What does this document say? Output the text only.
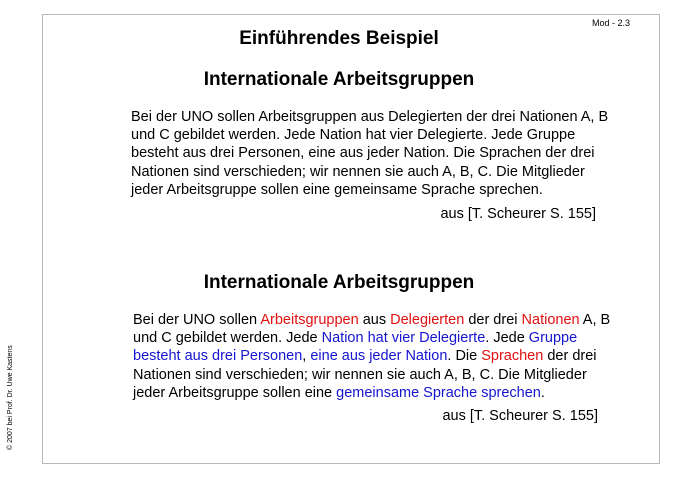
Mod - 2.3
© 2007 bei Prof. Dr. Uwe Kastens
Einführendes Beispiel
Internationale Arbeitsgruppen
Bei der UNO sollen Arbeitsgruppen aus Delegierten der drei Nationen A, B und C gebildet werden. Jede Nation hat vier Delegierte. Jede Gruppe besteht aus drei Personen, eine aus jeder Nation. Die Sprachen der drei Nationen sind verschieden; wir nennen sie auch A, B, C. Die Mitglieder jeder Arbeitsgruppe sollen eine gemeinsame Sprache sprechen.
aus [T. Scheurer S. 155]
Internationale Arbeitsgruppen
Bei der UNO sollen Arbeitsgruppen aus Delegierten der drei Nationen A, B und C gebildet werden. Jede Nation hat vier Delegierte. Jede Gruppe besteht aus drei Personen, eine aus jeder Nation. Die Sprachen der drei Nationen sind verschieden; wir nennen sie auch A, B, C. Die Mitglieder jeder Arbeitsgruppe sollen eine gemeinsame Sprache sprechen.
aus [T. Scheurer S. 155]
